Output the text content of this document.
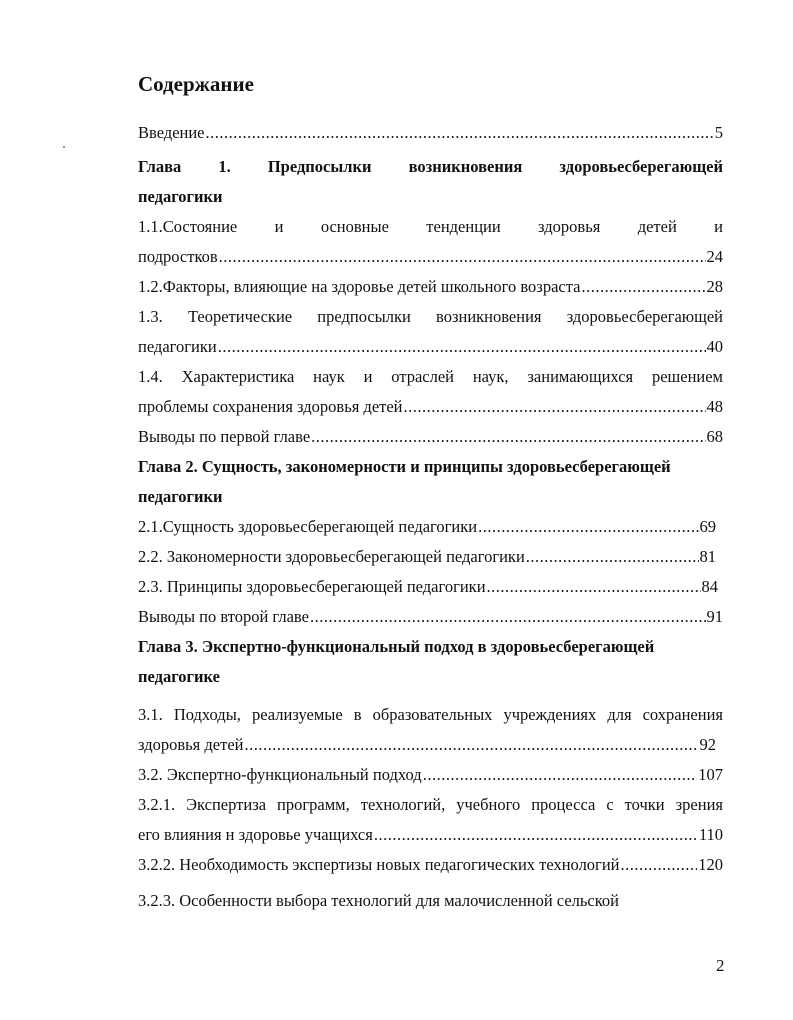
Содержание
Введение .....	5
Глава 1. Предпосылки возникновения здоровьесберегающей
педагогики
1.1.Состояние и основные тенденции здоровья детей и
подростков .....	24
1.2.Факторы, влияющие на здоровье детей школьного возраста .....	28
1.3. Теоретические предпосылки возникновения здоровьесберегающей
педагогики .....	40
1.4. Характеристика наук и отраслей наук, занимающихся решением
проблемы сохранения здоровья детей .....	48
Выводы по первой главе .....	68
Глава 2. Сущность, закономерности и принципы здоровьесберегающей
педагогики
2.1.Сущность здоровьесберегающей педагогики .....	69
2.2. Закономерности здоровьесберегающей педагогики .....	81
2.3. Принципы здоровьесберегающей педагогики .....	84
Выводы по второй главе .....	91
Глава 3. Экспертно-функциональный подход в здоровьесберегающей
педагогике
3.1. Подходы, реализуемые в образовательных учреждениях для сохранения
здоровья детей .....	92
3.2. Экспертно-функциональный подход .....	107
3.2.1. Экспертиза программ, технологий, учебного процесса с точки зрения
его влияния н здоровье учащихся .....	110
3.2.2. Необходимость экспертизы новых педагогических технологий .....	120
3.2.3. Особенности выбора технологий для малочисленной сельской
2
